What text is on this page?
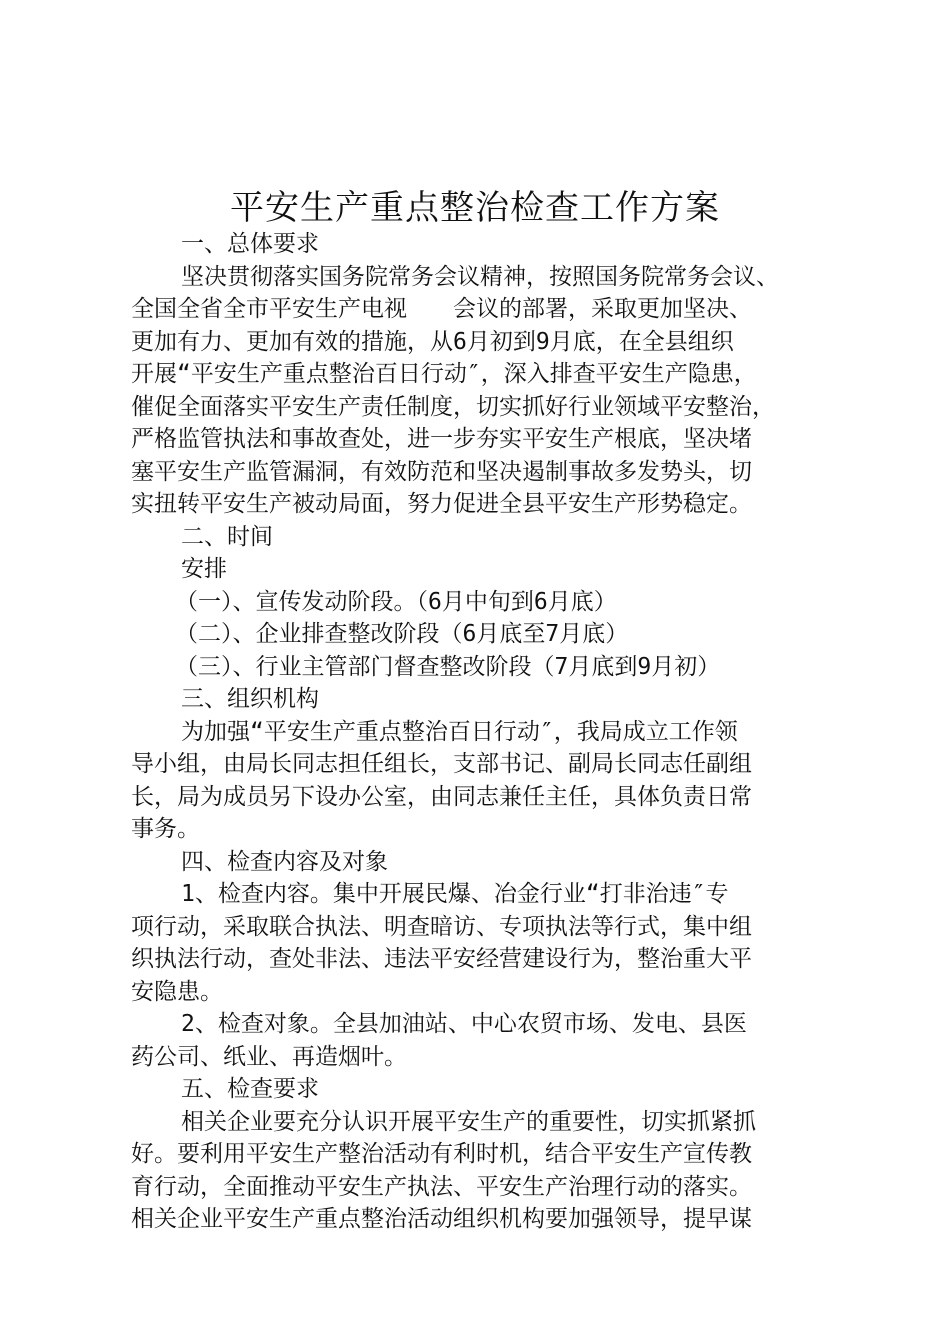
平安生产重点整治检查工作方案
一、总体要求
坚决贯彻落实国务院常务会议精神，按照国务院常务会议、
全国全省全市平安生产电视　　会议的部署，采取更加坚决、
更加有力、更加有效的措施，从6月初到9月底，在全县组织
开展“平安生产重点整治百日行动″，深入排查平安生产隐患，
催促全面落实平安生产责任制度，切实抓好行业领域平安整治，
严格监管执法和事故查处，进一步夯实平安生产根底，坚决堵
塞平安生产监管漏洞，有效防范和坚决遏制事故多发势头，切
实扭转平安生产被动局面，努力促进全县平安生产形势稳定。
二、时间
安排
（一）、宣传发动阶段。（6月中旬到6月底）
（二）、企业排查整改阶段（6月底至7月底）
（三）、行业主管部门督查整改阶段（7月底到9月初）
三、组织机构
为加强“平安生产重点整治百日行动″，我局成立工作领
导小组，由局长同志担任组长，支部书记、副局长同志任副组
长，局为成员另下设办公室，由同志兼任主任，具体负责日常
事务。
四、检查内容及对象
1、检查内容。集中开展民爆、冶金行业“打非治违″专
项行动，采取联合执法、明查暗访、专项执法等行式，集中组
织执法行动，查处非法、违法平安经营建设行为，整治重大平
安隐患。
2、检查对象。全县加油站、中心农贸市场、发电、县医
药公司、纸业、再造烟叶。
五、检查要求
相关企业要充分认识开展平安生产的重要性，切实抓紧抓
好。要利用平安生产整治活动有利时机，结合平安生产宣传教
育行动，全面推动平安生产执法、平安生产治理行动的落实。
相关企业平安生产重点整治活动组织机构要加强领导，提早谋
